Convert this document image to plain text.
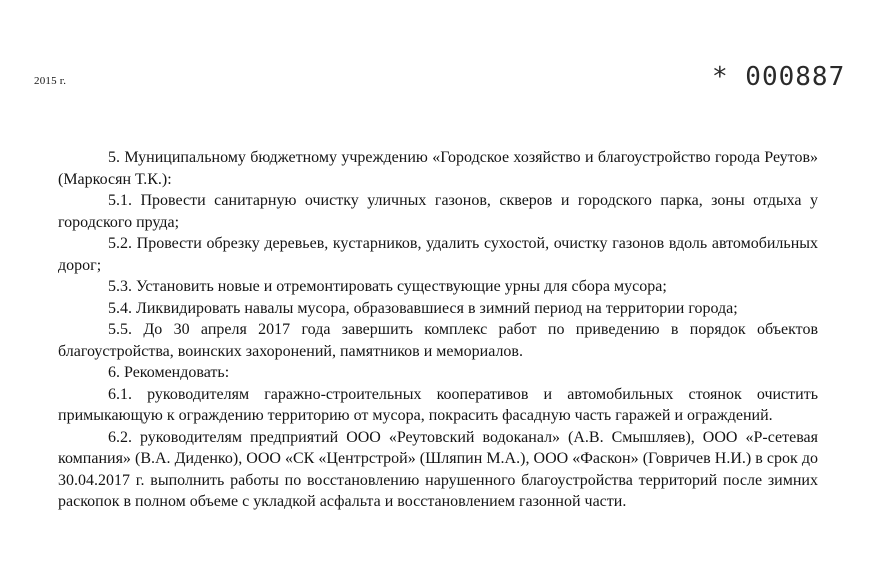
2015 г.	* 000887

5. Муниципальному бюджетному учреждению «Городское хозяйство и благоустройство города Реутов» (Маркосян Т.К.):

5.1. Провести санитарную очистку уличных газонов, скверов и городского парка, зоны отдыха у городского пруда;

5.2. Провести обрезку деревьев, кустарников, удалить сухостой, очистку газонов вдоль автомобильных дорог;

5.3. Установить новые и отремонтировать существующие урны для сбора мусора;

5.4. Ликвидировать навалы мусора, образовавшиеся в зимний период на территории города;

5.5. До 30 апреля 2017 года завершить комплекс работ по приведению в порядок объектов благоустройства, воинских захоронений, памятников и мемориалов.

6. Рекомендовать:

6.1. руководителям гаражно-строительных кооперативов и автомобильных стоянок очистить примыкающую к ограждению территорию от мусора, покрасить фасадную часть гаражей и ограждений.

6.2. руководителям предприятий ООО «Реутовский водоканал» (А.В. Смышляев), ООО «Р-сетевая компания» (В.А. Диденко), ООО «СК «Центрстрой» (Шляпин М.А.), ООО «Фаскон» (Говричев Н.И.) в срок до 30.04.2017 г. выполнить работы по восстановлению нарушенного благоустройства территорий после зимних раскопок в полном объеме с укладкой асфальта и восстановлением газонной части.
